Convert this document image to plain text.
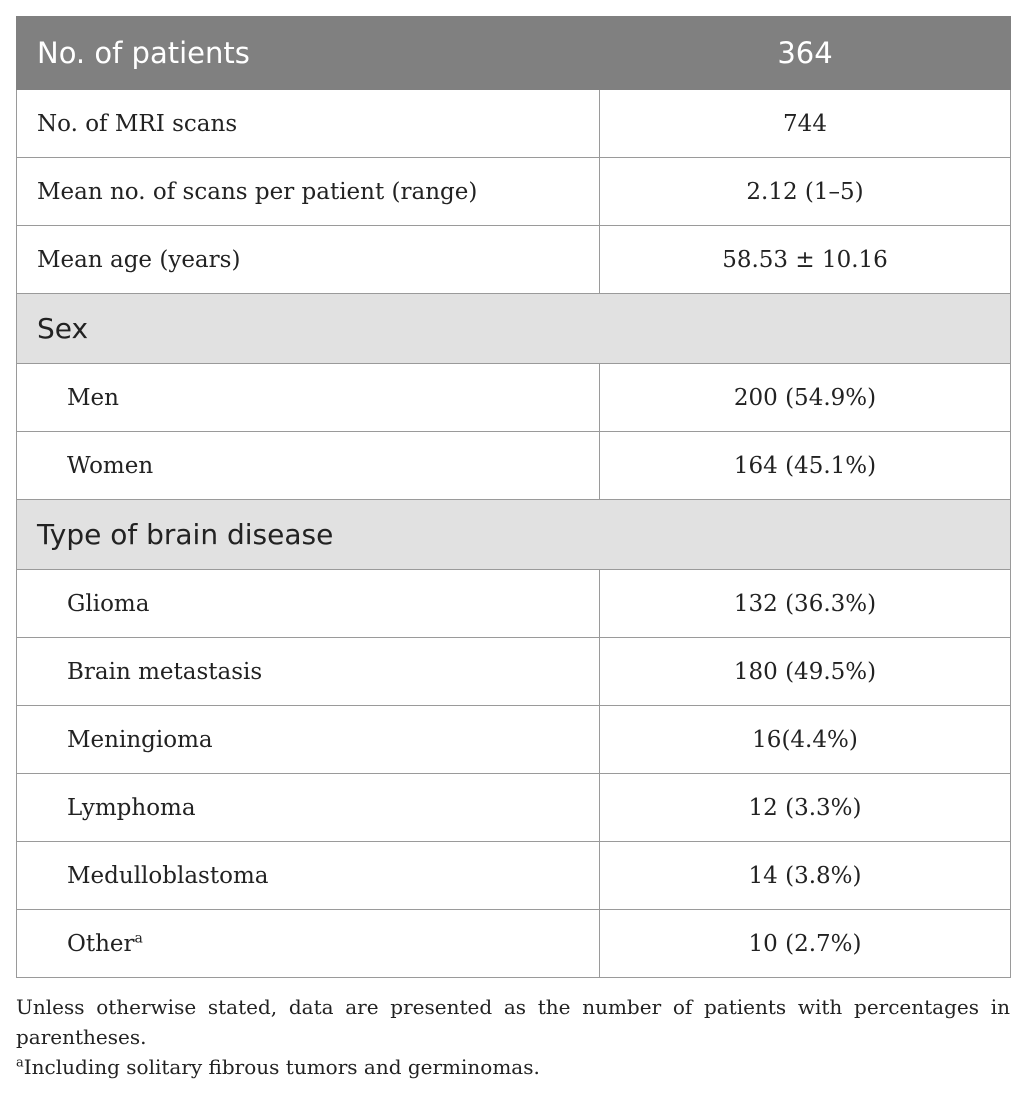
No. of patients	364
No. of MRI scans	744
Mean no. of scans per patient (range)	2.12 (1–5)
Mean age (years)	58.53 ± 10.16
Sex	
Men	200 (54.9%)
Women	164 (45.1%)
Type of brain disease	
Glioma	132 (36.3%)
Brain metastasis	180 (49.5%)
Meningioma	16(4.4%)
Lymphoma	12 (3.3%)
Medulloblastoma	14 (3.8%)
Other$^a$	10 (2.7%)

Unless otherwise stated, data are presented as the number of patients with percentages in parentheses.

$^a$Including solitary fibrous tumors and germinomas.
